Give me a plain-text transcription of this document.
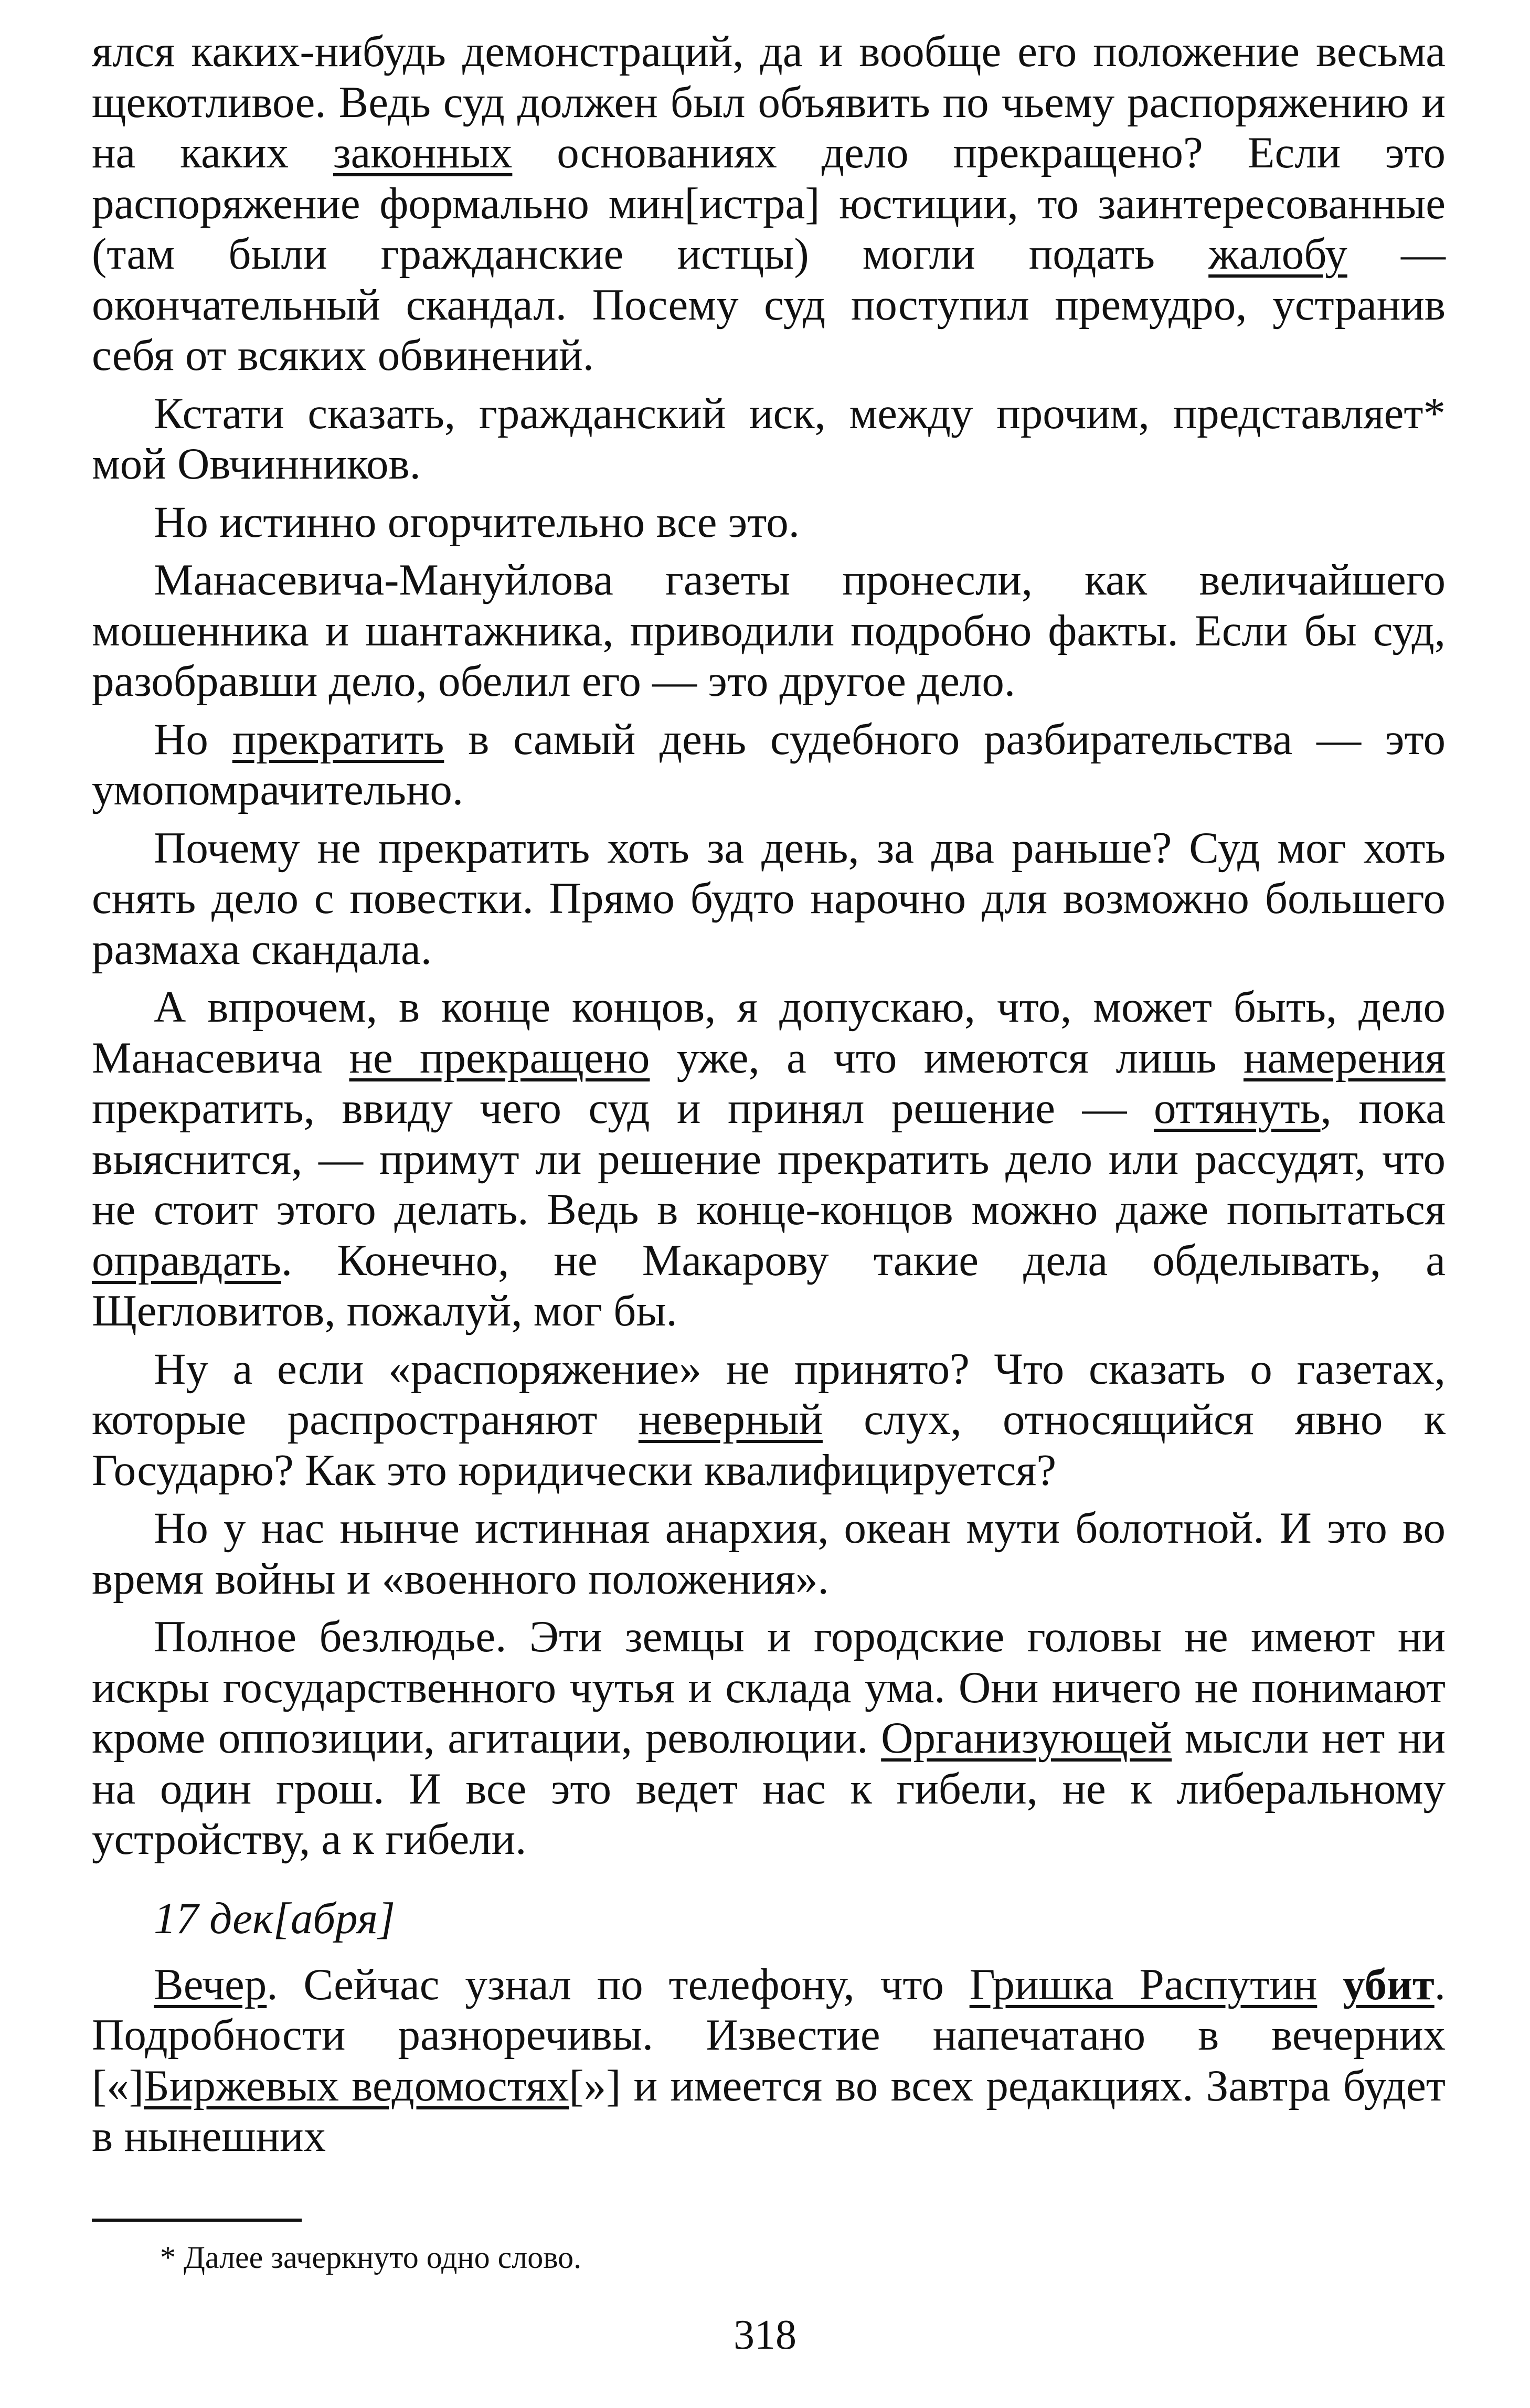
ялся каких-нибудь демонстраций, да и вообще его положение весьма щекотливое. Ведь суд должен был объявить по чьему распоряжению и на каких законных основаниях дело прекращено? Если это распоряжение формально мин[истра] юстиции, то заинтересованные (там были гражданские истцы) могли подать жалобу — окончательный скандал. Посему суд поступил премудро, устранив себя от всяких обвинений.

Кстати сказать, гражданский иск, между прочим, представляет* мой Овчинников.

Но истинно огорчительно все это.

Манасевича-Мануйлова газеты пронесли, как величайшего мошенника и шантажника, приводили подробно факты. Если бы суд, разобравши дело, обелил его — это другое дело.

Но прекратить в самый день судебного разбирательства — это умопомрачительно.

Почему не прекратить хоть за день, за два раньше? Суд мог хоть снять дело с повестки. Прямо будто нарочно для возможно большего размаха скандала.

А впрочем, в конце концов, я допускаю, что, может быть, дело Манасевича не прекращено уже, а что имеются лишь намерения прекратить, ввиду чего суд и принял решение — оттянуть, пока выяснится, — примут ли решение прекратить дело или рассудят, что не стоит этого делать. Ведь в конце-концов можно даже попытаться оправдать. Конечно, не Макарову такие дела обделывать, а Щегловитов, пожалуй, мог бы.

Ну а если «распоряжение» не принято? Что сказать о газетах, которые распространяют неверный слух, относящийся явно к Государю? Как это юридически квалифицируется?

Но у нас нынче истинная анархия, океан мути болотной. И это во время войны и «военного положения».

Полное безлюдье. Эти земцы и городские головы не имеют ни искры государственного чутья и склада ума. Они ничего не понимают кроме оппозиции, агитации, революции. Организующей мысли нет ни на один грош. И все это ведет нас к гибели, не к либеральному устройству, а к гибели.

17 дек[абря]

Вечер. Сейчас узнал по телефону, что Гришка Распутин убит. Подробности разноречивы. Известие напечатано в вечерних [«]Биржевых ведомостях[»] и имеется во всех редакциях. Завтра будет в нынешних

* Далее зачеркнуто одно слово.
318
